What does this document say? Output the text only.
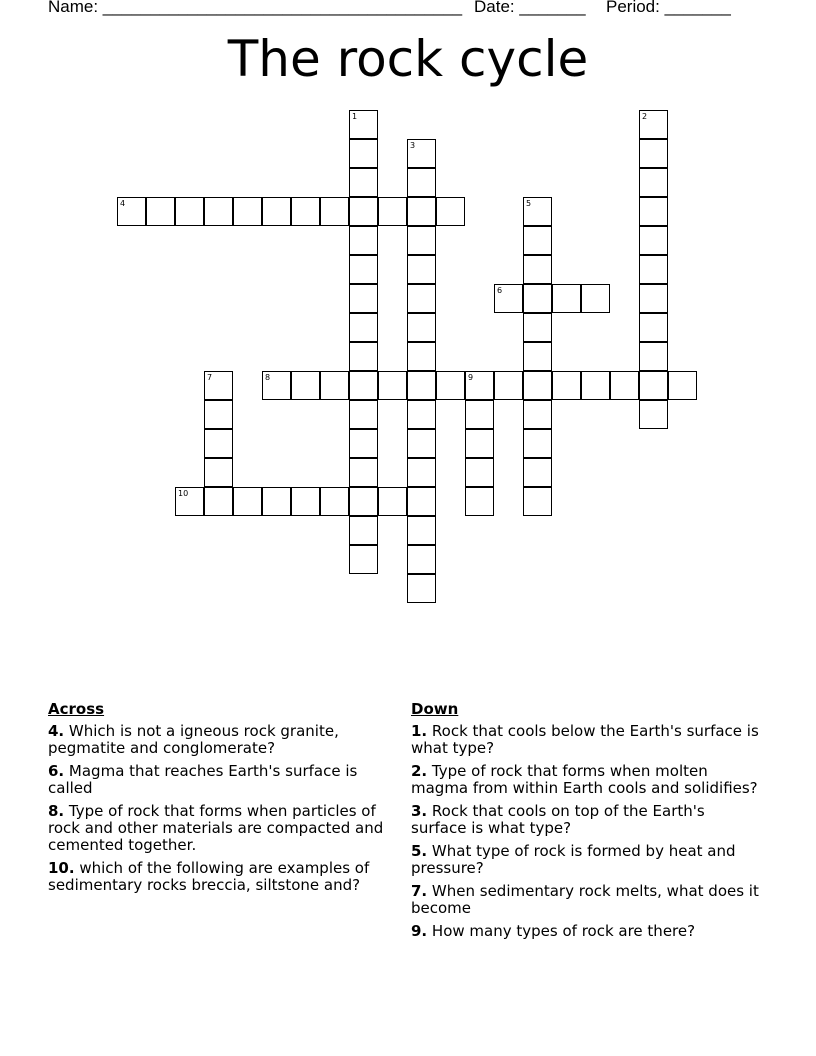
Name: ______________________________________ Date: _______ Period: _______
The rock cycle
1	2
3
4	5
6
7	8	9
10
Across
4. Which is not a igneous rock granite, pegmatite and conglomerate?
6. Magma that reaches Earth's surface is called
8. Type of rock that forms when particles of rock and other materials are compacted and cemented together.
10. which of the following are examples of sedimentary rocks breccia, siltstone and?
Down
1. Rock that cools below the Earth's surface is what type?
2. Type of rock that forms when molten magma from within Earth cools and solidifies?
3. Rock that cools on top of the Earth's surface is what type?
5. What type of rock is formed by heat and pressure?
7. When sedimentary rock melts, what does it become
9. How many types of rock are there?
